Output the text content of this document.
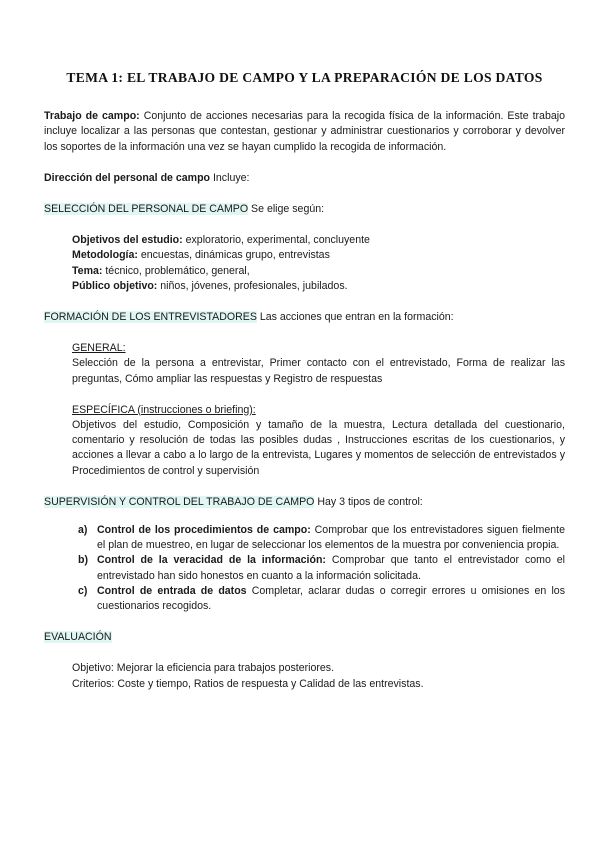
TEMA 1: EL TRABAJO DE CAMPO Y LA PREPARACIÓN DE LOS DATOS

Trabajo de campo: Conjunto de acciones necesarias para la recogida física de la información. Este trabajo incluye localizar a las personas que contestan, gestionar y administrar cuestionarios y corroborar y devolver los soportes de la información una vez se hayan cumplido la recogida de información.

Dirección del personal de campo Incluye:

SELECCIÓN DEL PERSONAL DE CAMPO Se elige según:

Objetivos del estudio: exploratorio, experimental, concluyente
Metodología: encuestas, dinámicas grupo, entrevistas
Tema: técnico, problemático, general,
Público objetivo: niños, jóvenes, profesionales, jubilados.

FORMACIÓN DE LOS ENTREVISTADORES Las acciones que entran en la formación:

GENERAL:

Selección de la persona a entrevistar, Primer contacto con el entrevistado, Forma de realizar las preguntas, Cómo ampliar las respuestas y Registro de respuestas

ESPECÍFICA (instrucciones o briefing):

Objetivos del estudio, Composición y tamaño de la muestra, Lectura detallada del cuestionario, comentario y resolución de todas las posibles dudas , Instrucciones escritas de los cuestionarios, y acciones a llevar a cabo a lo largo de la entrevista, Lugares y momentos de selección de entrevistados y Procedimientos de control y supervisión

SUPERVISIÓN Y CONTROL DEL TRABAJO DE CAMPO Hay 3 tipos de control:

a) Control de los procedimientos de campo: Comprobar que los entrevistadores siguen fielmente el plan de muestreo, en lugar de seleccionar los elementos de la muestra por conveniencia propia.
b) Control de la veracidad de la información: Comprobar que tanto el entrevistador como el entrevistado han sido honestos en cuanto a la información solicitada.
c) Control de entrada de datos Completar, aclarar dudas o corregir errores u omisiones en los cuestionarios recogidos.

EVALUACIÓN

Objetivo: Mejorar la eficiencia para trabajos posteriores.
Criterios: Coste y tiempo, Ratios de respuesta y Calidad de las entrevistas.
